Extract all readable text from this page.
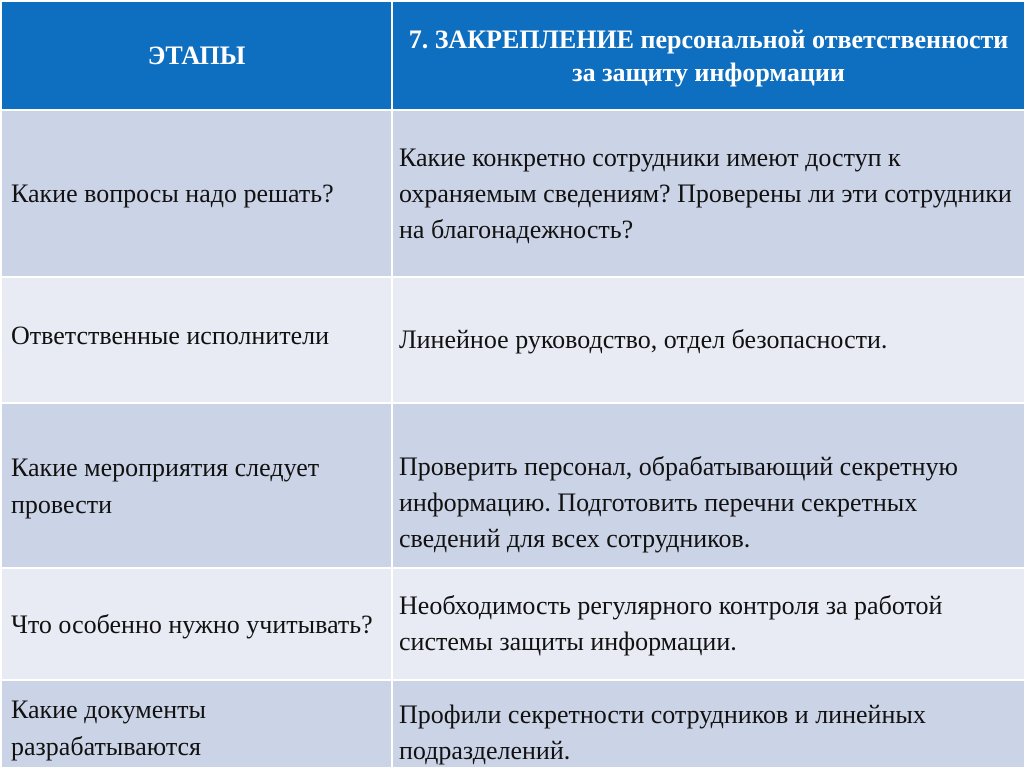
ЭТАПЫ	7. ЗАКРЕПЛЕНИЕ персональной ответственности за защиту информации

Какие вопросы надо решать?	Какие конкретно сотрудники имеют доступ к охраняемым сведениям? Проверены ли эти сотрудники на благонадежность?

Ответственные исполнители	Линейное руководство, отдел безопасности.

Какие мероприятия следует провести	Проверить персонал, обрабатывающий секретную информацию. Подготовить перечни секретных сведений для всех сотрудников.

Что особенно нужно учитывать?	Необходимость регулярного контроля за работой системы защиты информации.

Какие документы разрабатываются	Профили секретности сотрудников и линейных подразделений.
